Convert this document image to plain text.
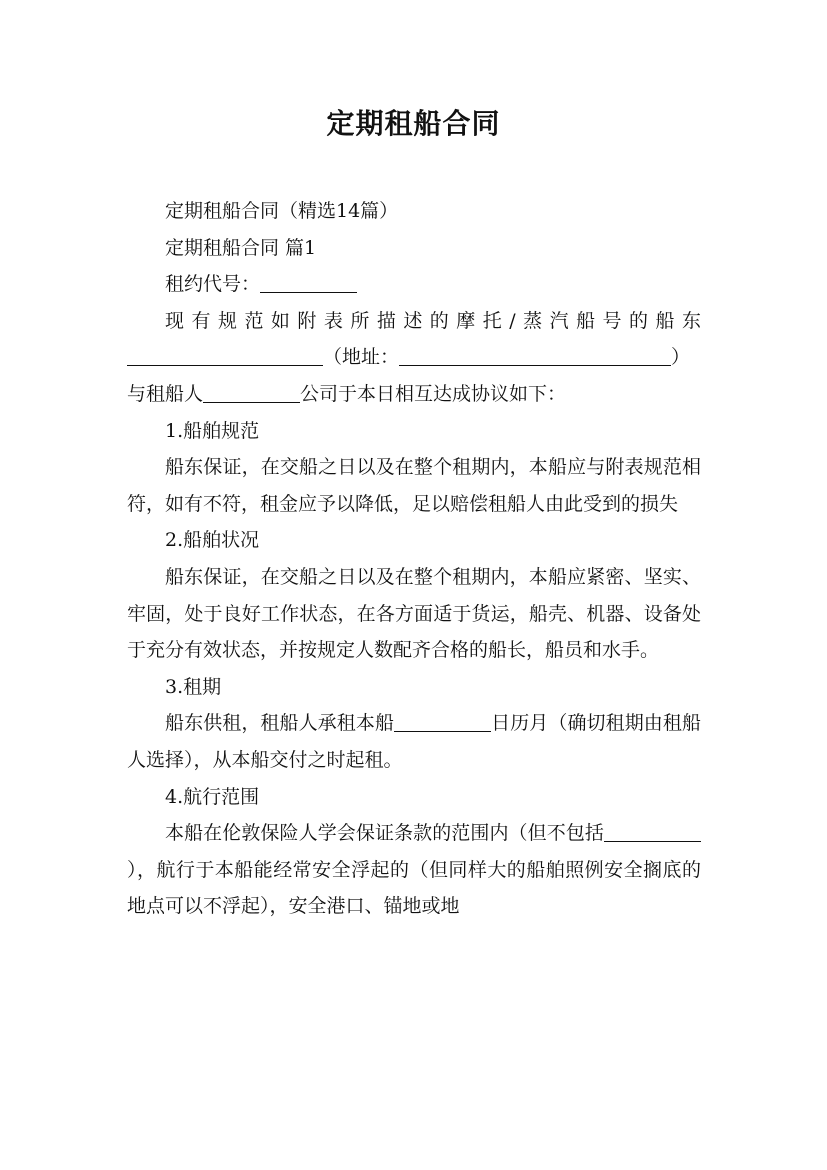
定期租船合同

定期租船合同（精选14篇）

定期租船合同 篇1

租约代号：

现有规范如附表所描述的摩托/蒸汽船号的船东（地址：	）
与租船人	公司于本日相互达成协议如下：

1.船舶规范

船东保证，在交船之日以及在整个租期内，本船应与附表规范相符，如有不符，租金应予以降低，足以赔偿租船人由此受到的损失

2.船舶状况

船东保证，在交船之日以及在整个租期内，本船应紧密、坚实、牢固，处于良好工作状态，在各方面适于货运，船壳、机器、设备处于充分有效状态，并按规定人数配齐合格的船长，船员和水手。

3.租期

船东供租，租船人承租本船	日历月（确切租期由租船人选择），从本船交付之时起租。

4.航行范围

本船在伦敦保险人学会保证条款的范围内（但不包括），航行于本船能经常安全浮起的（但同样大的船舶照例安全搁底的地点可以不浮起），安全港口、锚地或地
